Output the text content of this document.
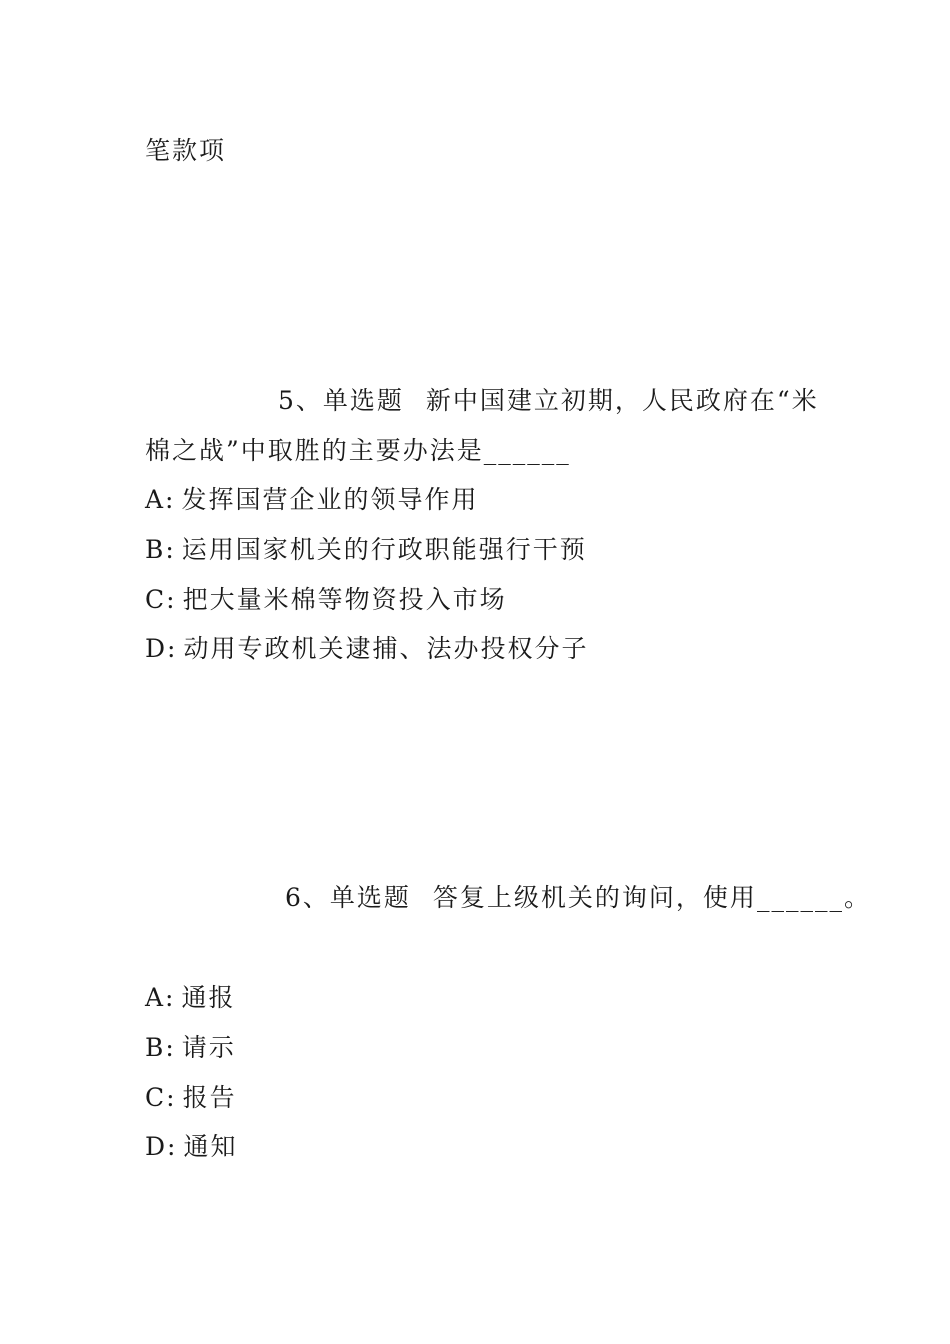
笔款项
5、单选题 新中国建立初期，人民政府在“米
棉之战”中取胜的主要办法是______
A: 发挥国营企业的领导作用
B: 运用国家机关的行政职能强行干预
C: 把大量米棉等物资投入市场
D: 动用专政机关逮捕、法办投权分子
6、单选题 答复上级机关的询问，使用______。
A: 通报
B: 请示
C: 报告
D: 通知
